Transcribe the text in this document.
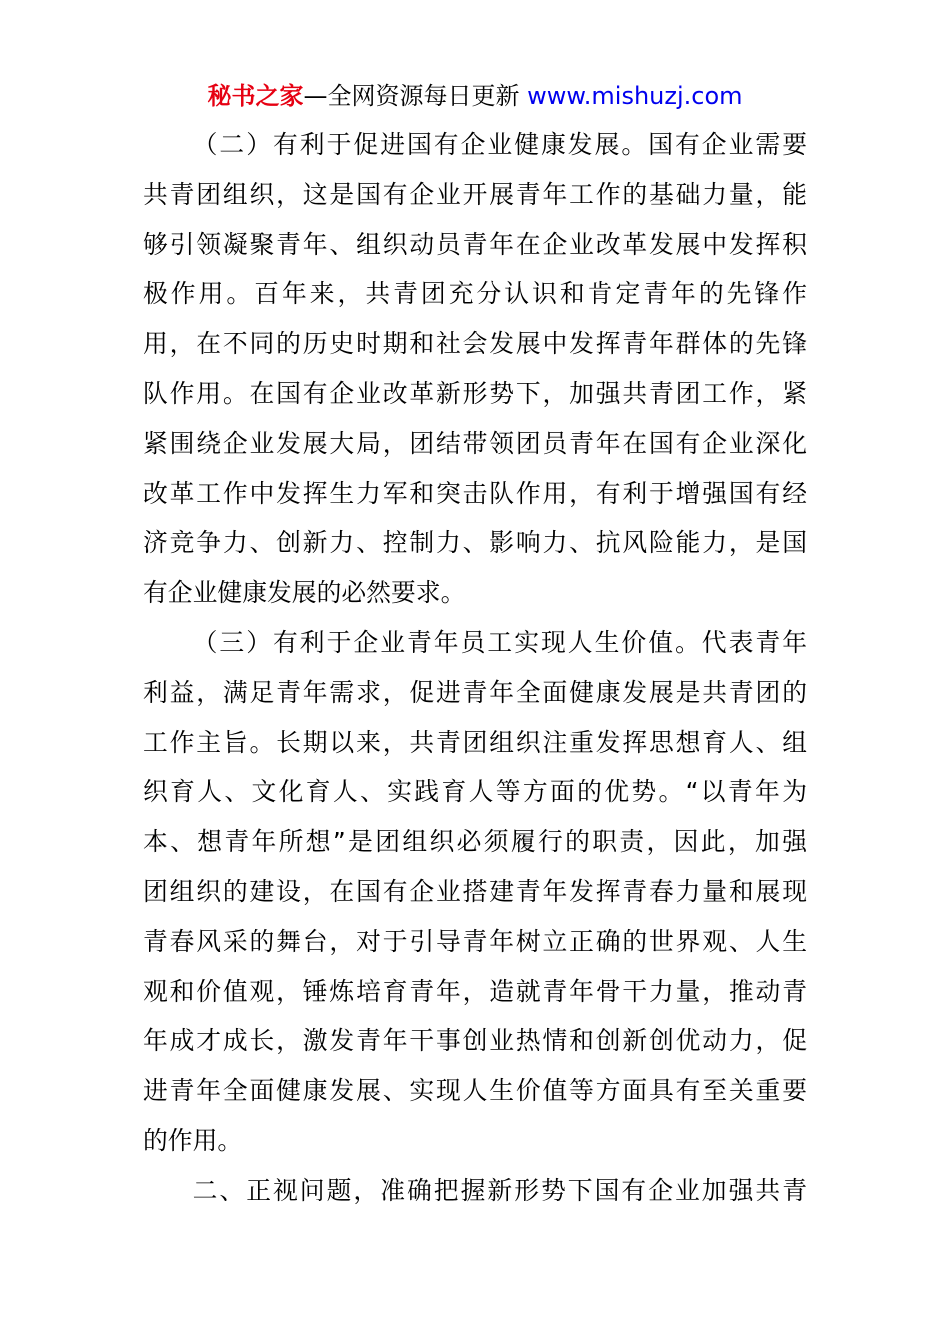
秘书之家—全网资源每日更新 www.mishuzj.com
（二）有利于促进国有企业健康发展。国有企业需要
共青团组织，这是国有企业开展青年工作的基础力量，能
够引领凝聚青年、组织动员青年在企业改革发展中发挥积
极作用。百年来，共青团充分认识和肯定青年的先锋作
用，在不同的历史时期和社会发展中发挥青年群体的先锋
队作用。在国有企业改革新形势下，加强共青团工作，紧
紧围绕企业发展大局，团结带领团员青年在国有企业深化
改革工作中发挥生力军和突击队作用，有利于增强国有经
济竞争力、创新力、控制力、影响力、抗风险能力，是国
有企业健康发展的必然要求。
（三）有利于企业青年员工实现人生价值。代表青年
利益，满足青年需求，促进青年全面健康发展是共青团的
工作主旨。长期以来，共青团组织注重发挥思想育人、组
织育人、文化育人、实践育人等方面的优势。“以青年为
本、想青年所想”是团组织必须履行的职责，因此，加强
团组织的建设，在国有企业搭建青年发挥青春力量和展现
青春风采的舞台，对于引导青年树立正确的世界观、人生
观和价值观，锤炼培育青年，造就青年骨干力量，推动青
年成才成长，激发青年干事创业热情和创新创优动力，促
进青年全面健康发展、实现人生价值等方面具有至关重要
的作用。
二、正视问题，准确把握新形势下国有企业加强共青
